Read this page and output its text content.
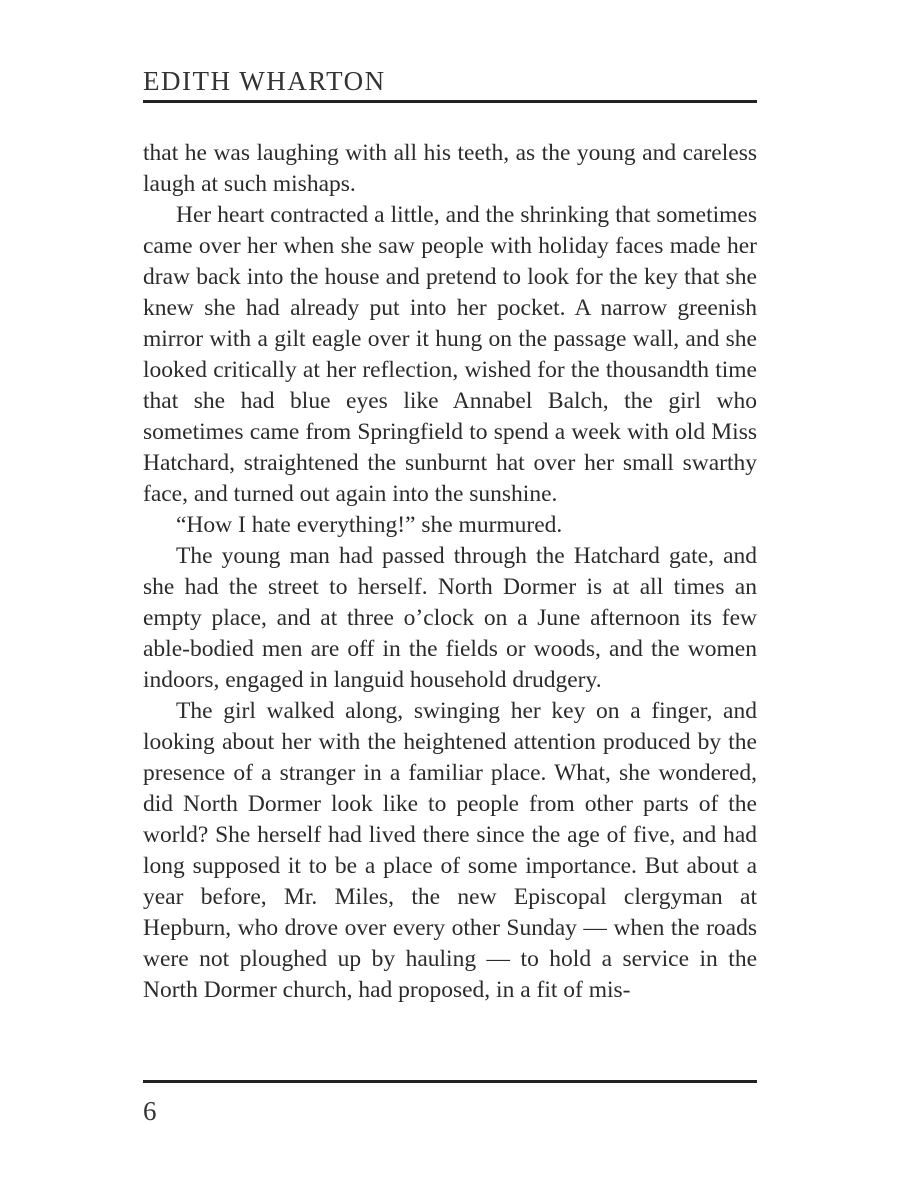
EDITH WHARTON

that he was laughing with all his teeth, as the young and careless laugh at such mishaps.

Her heart contracted a little, and the shrinking that sometimes came over her when she saw people with holiday faces made her draw back into the house and pretend to look for the key that she knew she had already put into her pocket. A narrow greenish mirror with a gilt eagle over it hung on the passage wall, and she looked critically at her reflection, wished for the thousandth time that she had blue eyes like Annabel Balch, the girl who sometimes came from Springfield to spend a week with old Miss Hatchard, straightened the sunburnt hat over her small swarthy face, and turned out again into the sunshine.

“How I hate everything!” she murmured.

The young man had passed through the Hatchard gate, and she had the street to herself. North Dormer is at all times an empty place, and at three o’clock on a June afternoon its few able-bodied men are off in the fields or woods, and the women indoors, engaged in languid household drudgery.

The girl walked along, swinging her key on a finger, and looking about her with the heightened attention produced by the presence of a stranger in a familiar place. What, she wondered, did North Dormer look like to people from other parts of the world? She herself had lived there since the age of five, and had long supposed it to be a place of some importance. But about a year before, Mr. Miles, the new Episcopal clergyman at Hepburn, who drove over every other Sunday — when the roads were not ploughed up by hauling — to hold a service in the North Dormer church, had proposed, in a fit of mis-

6
